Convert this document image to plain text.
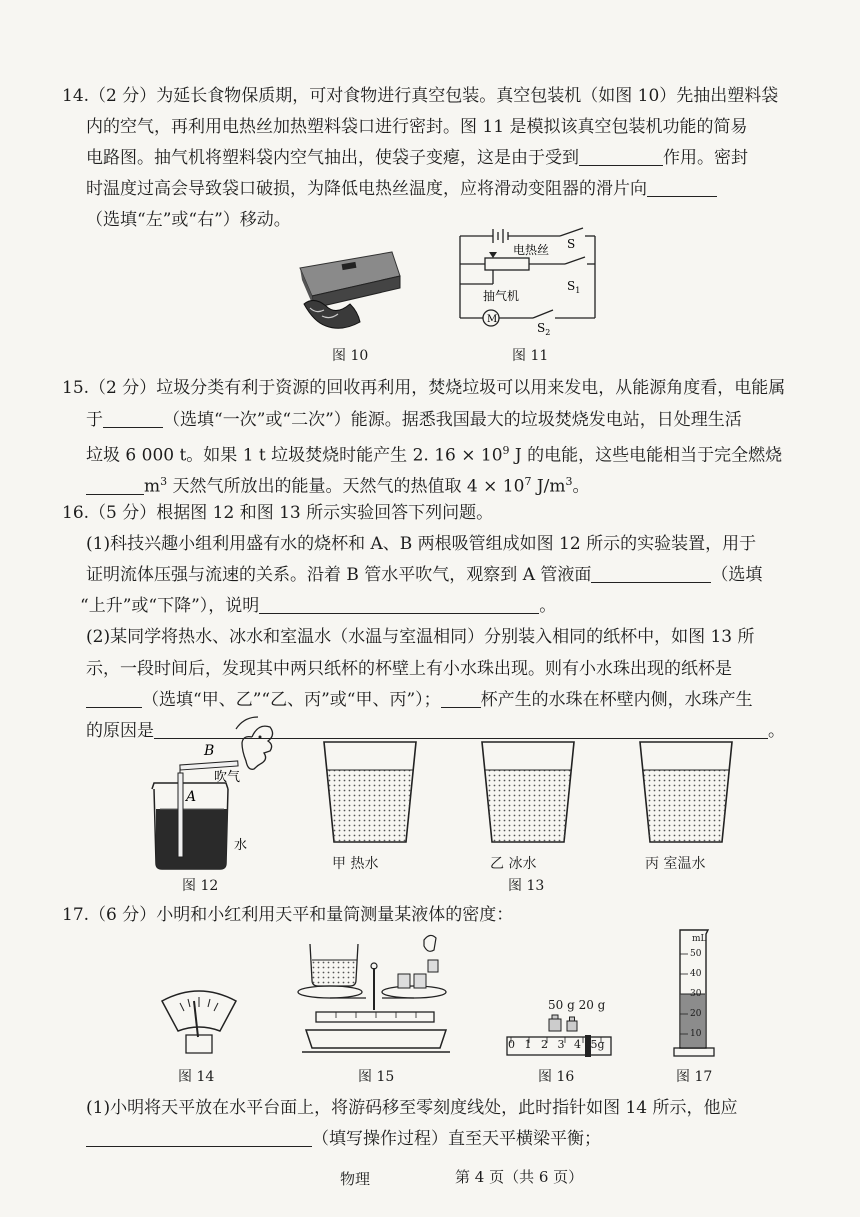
14.（2 分）为延长食物保质期，可对食物进行真空包装。真空包装机（如图 10）先抽出塑料袋
内的空气，再利用电热丝加热塑料袋口进行密封。图 11 是模拟该真空包装机功能的简易
电路图。抽气机将塑料袋内空气抽出，使袋子变瘪，这是由于受到	作用。密封
时温度过高会导致袋口破损，为降低电热丝温度，应将滑动变阻器的滑片向
（选填“左”或“右”）移动。
图 10
S
$S_1$
$S_2$
电热丝
抽气机
M
图 11
15.（2 分）垃圾分类有利于资源的回收再利用，焚烧垃圾可以用来发电，从能源角度看，电能属
于	（选填“一次”或“二次”）能源。据悉我国最大的垃圾焚烧发电站，日处理生活
垃圾 6 000 t。如果 1 t 垃圾焚烧时能产生 2. $16 \times 10^9$ J 的电能，这些电能相当于完全燃烧
$m^3$ 天然气所放出的能量。天然气的热值取 $4 \times 10^7$ $J/m^3$。
16.（5 分）根据图 12 和图 13 所示实验回答下列问题。
(1)科技兴趣小组利用盛有水的烧杯和 A、B 两根吸管组成如图 12 所示的实验装置，用于
证明流体压强与流速的关系。沿着 B 管水平吹气，观察到 A 管液面	（选填
“上升”或“下降”），说明	。
(2)某同学将热水、冰水和室温水（水温与室温相同）分别装入相同的纸杯中，如图 13 所
示，一段时间后，发现其中两只纸杯的杯壁上有小水珠出现。则有小水珠出现的纸杯是
（选填“甲、乙”“乙、丙”或“甲、丙”）； 杯产生的水珠在杯壁内侧，水珠产生
的原因是	。
B
A
吹气
水
图 12
甲 热水	乙 冰水	丙 室温水
图 13
17.（6 分）小明和小红利用天平和量筒测量某液体的密度：
图 14	图 15
50 g 20 g
0 1 2 3 4 5g
图 16
mL
50
40
30
20
10
图 17
(1)小明将天平放在水平台面上，将游码移至零刻度线处，此时指针如图 14 所示，他应
（填写操作过程）直至天平横梁平衡；
物理	第 4 页（共 6 页）
